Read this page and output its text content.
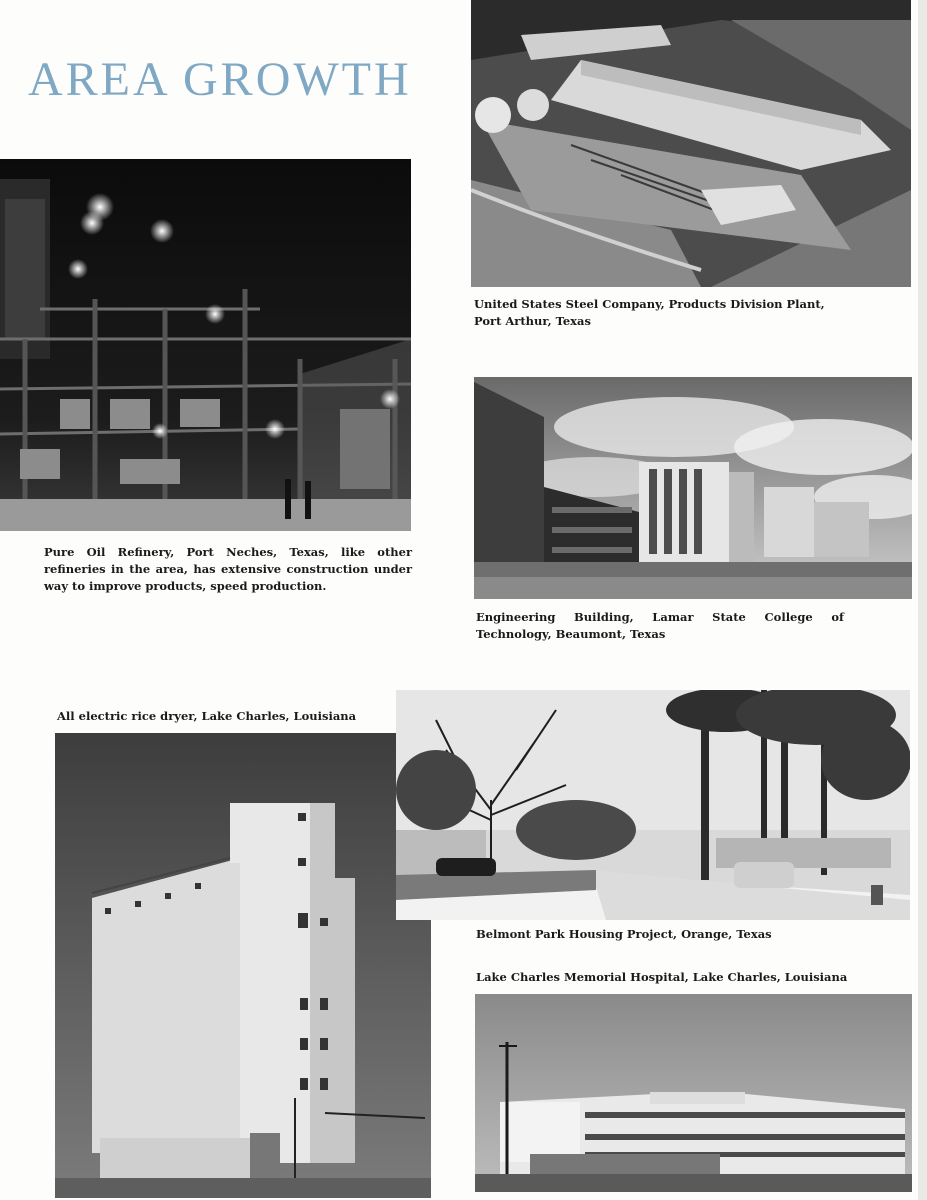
AREA GROWTH
Pure Oil Refinery, Port Neches, Texas, like other refineries in the area, has extensive construction under way to improve products, speed production.
United States Steel Company, Products Division Plant, Port Arthur, Texas
Engineering Building, Lamar State College of Technology, Beaumont, Texas
All electric rice dryer, Lake Charles, Louisiana
Belmont Park Housing Project, Orange, Texas
Lake Charles Memorial Hospital, Lake Charles, Louisiana
